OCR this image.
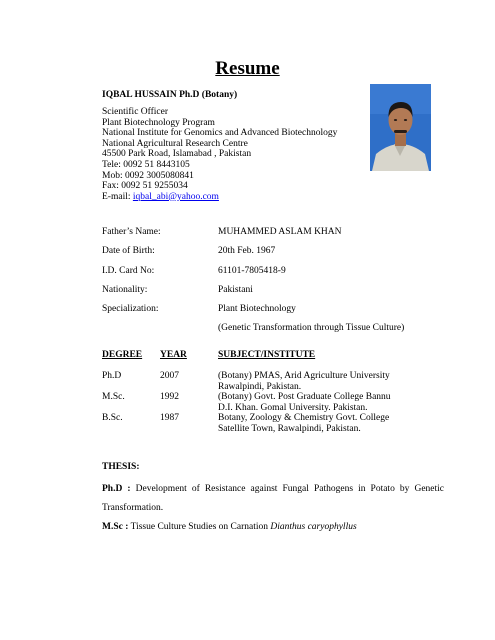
Resume
IQBAL HUSSAIN Ph.D (Botany)
Scientific Officer
Plant Biotechnology Program
National Institute for Genomics and Advanced Biotechnology
National Agricultural Research Centre
45500 Park Road, Islamabad , Pakistan
Tele: 0092 51 8443105
Mob: 0092 3005080841
Fax: 0092 51 9255034
E-mail: iqbal_abi@yahoo.com
Father’s Name:	MUHAMMED ASLAM KHAN
Date of Birth:	20th Feb. 1967
I.D. Card No:	61101-7805418-9
Nationality:	Pakistani
Specialization:	Plant Biotechnology
(Genetic Transformation through Tissue Culture)
DEGREE YEAR	SUBJECT/INSTITUTE
Ph.D	2007	(Botany) PMAS, Arid Agriculture University
Rawalpindi, Pakistan.
M.Sc.	1992	(Botany) Govt. Post Graduate College Bannu
D.I. Khan. Gomal University. Pakistan.
B.Sc.	1987	Botany, Zoology & Chemistry Govt. College
Satellite Town, Rawalpindi, Pakistan.
THESIS:

Ph.D : Development of Resistance against Fungal Pathogens in Potato by Genetic Transformation.

M.Sc : Tissue Culture Studies on Carnation Dianthus caryophyllus
